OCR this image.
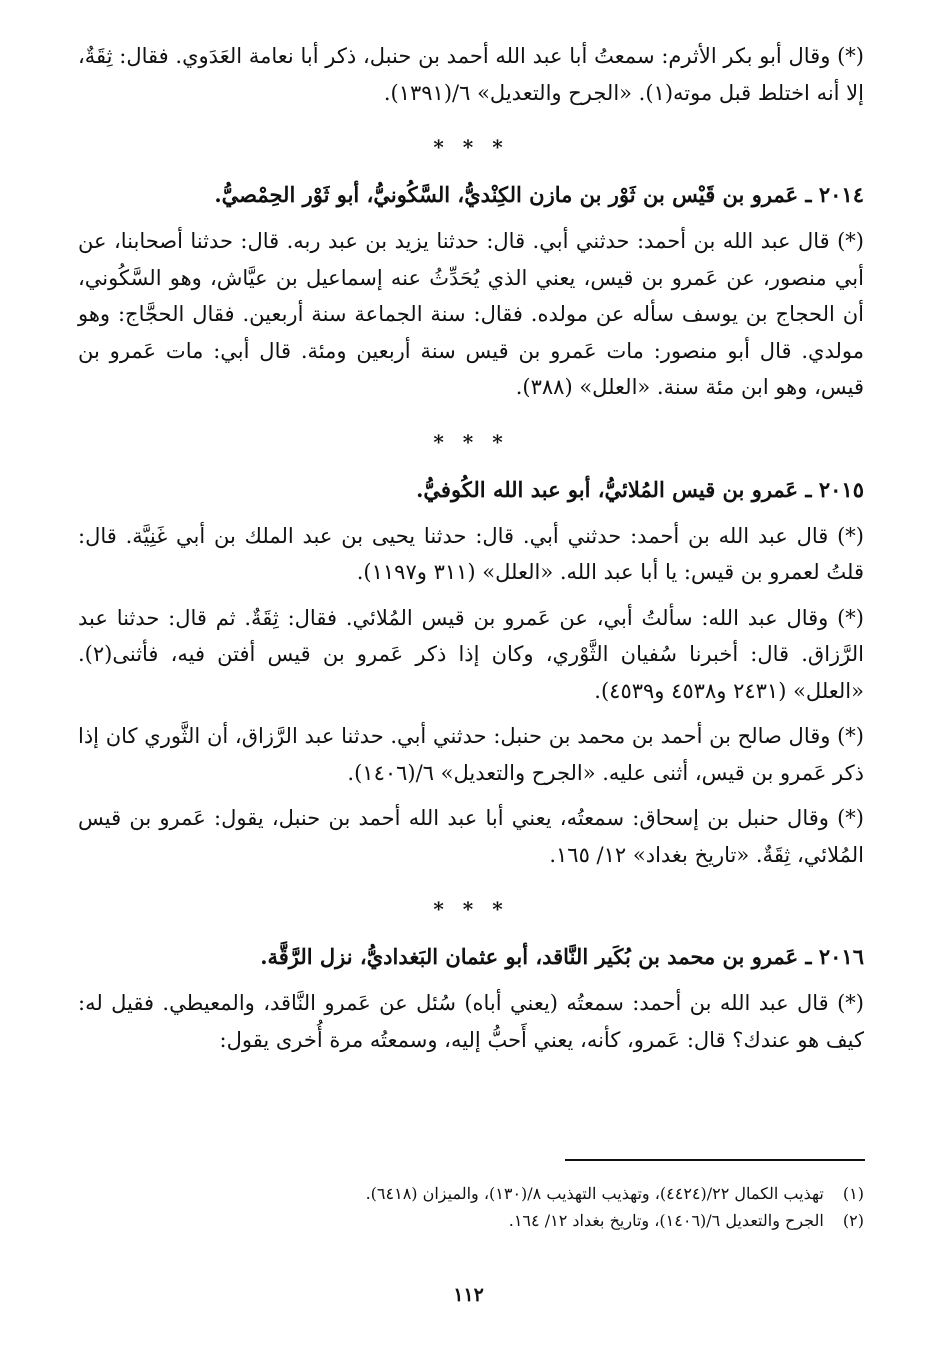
(*) وقال أبو بكر الأثرم: سمعتُ أبا عبد الله أحمد بن حنبل، ذكر أبا نعامة العَدَوي. فقال: ثِقَةٌ، إلا أنه اختلط قبل موته(١). «الجرح والتعديل» ٦/(١٣٩١).

* * *
٢٠١٤ ـ عَمرو بن قَيْس بن ثَوْر بن مازن الكِنْديُّ، السَّكُونيُّ، أبو ثَوْر الحِمْصيُّ.

(*) قال عبد الله بن أحمد: حدثني أبي. قال: حدثنا يزيد بن عبد ربه. قال: حدثنا أصحابنا، عن أبي منصور، عن عَمرو بن قيس، يعني الذي يُحَدِّثُ عنه إسماعيل بن عيَّاش، وهو السَّكُوني، أن الحجاج بن يوسف سأله عن مولده. فقال: سنة الجماعة سنة أربعين. فقال الحجَّاج: وهو مولدي. قال أبو منصور: مات عَمرو بن قيس سنة أربعين ومئة. قال أبي: مات عَمرو بن قيس، وهو ابن مئة سنة. «العلل» (٣٨٨).

* * *
٢٠١٥ ـ عَمرو بن قيس المُلائيُّ، أبو عبد الله الكُوفيُّ.

(*) قال عبد الله بن أحمد: حدثني أبي. قال: حدثنا يحيى بن عبد الملك بن أبي غَنِيَّة. قال: قلتُ لعمرو بن قيس: يا أبا عبد الله. «العلل» (٣١١ و١١٩٧).

(*) وقال عبد الله: سألتُ أبي، عن عَمرو بن قيس المُلائي. فقال: ثِقَةٌ. ثم قال: حدثنا عبد الرَّزاق. قال: أخبرنا سُفيان الثَّوْري، وكان إذا ذكر عَمرو بن قيس أفتن فيه، فأثنى(٢). «العلل» (٢٤٣١ و٤٥٣٨ و٤٥٣٩).

(*) وقال صالح بن أحمد بن محمد بن حنبل: حدثني أبي. حدثنا عبد الرَّزاق، أن الثَّوري كان إذا ذكر عَمرو بن قيس، أثنى عليه. «الجرح والتعديل» ٦/(١٤٠٦).

(*) وقال حنبل بن إسحاق: سمعتُه، يعني أبا عبد الله أحمد بن حنبل، يقول: عَمرو بن قيس المُلائي، ثِقَةٌ. «تاريخ بغداد» ١٢/ ١٦٥.

* * *
٢٠١٦ ـ عَمرو بن محمد بن بُكَير النَّاقد، أبو عثمان البَغداديُّ، نزل الرَّقَّة.

(*) قال عبد الله بن أحمد: سمعتُه (يعني أباه) سُئل عن عَمرو النَّاقد، والمعيطي. فقيل له: كيف هو عندك؟ قال: عَمرو، كأنه، يعني أَحبُّ إليه، وسمعتُه مرة أُخرى يقول:

(١) تهذيب الكمال ٢٢/(٤٤٢٤)، وتهذيب التهذيب ٨/(١٣٠)، والميزان (٦٤١٨).

(٢) الجرح والتعديل ٦/(١٤٠٦)، وتاريخ بغداد ١٢/ ١٦٤.

١١٢
